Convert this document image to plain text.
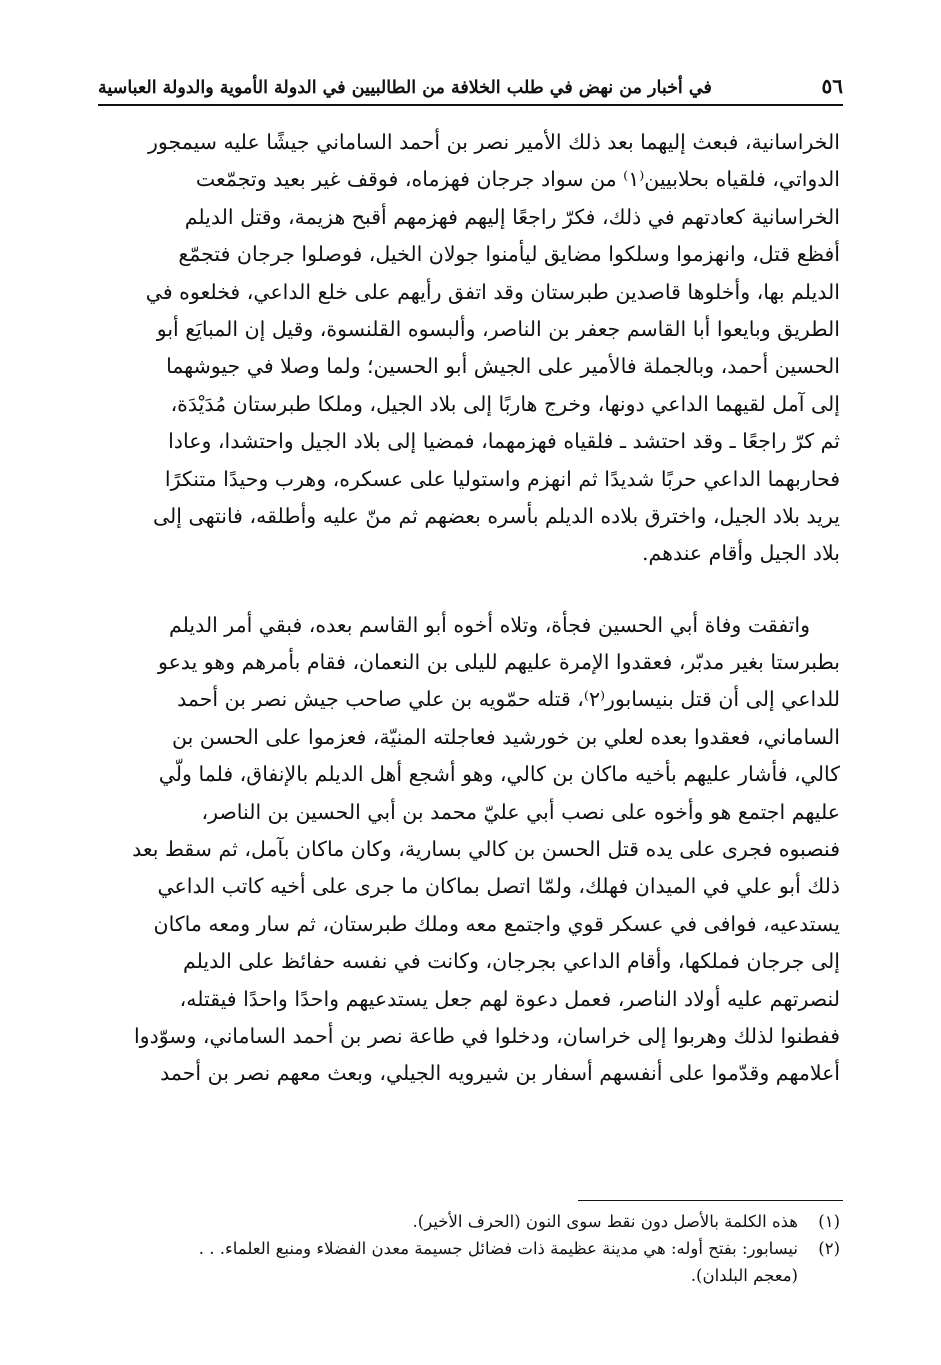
٥٦
في أخبار من نهض في طلب الخلافة من الطالبيين في الدولة الأموية والدولة العباسية
الخراسانية، فبعث إليهما بعد ذلك الأمير نصر بن أحمد الساماني جيشًا عليه سيمجور
الدواتي، فلقياه بحلابيين⁽١⁾ من سواد جرجان فهزماه، فوقف غير بعيد وتجمّعت
الخراسانية كعادتهم في ذلك، فكرّ راجعًا إليهم فهزمهم أقبح هزيمة، وقتل الديلم
أفظع قتل، وانهزموا وسلكوا مضايق ليأمنوا جولان الخيل، فوصلوا جرجان فتجمّع
الديلم بها، وأخلوها قاصدين طبرستان وقد اتفق رأيهم على خلع الداعي، فخلعوه في
الطريق وبايعوا أبا القاسم جعفر بن الناصر، وألبسوه القلنسوة، وقيل إن المبايَع أبو
الحسين أحمد، وبالجملة فالأمير على الجيش أبو الحسين؛ ولما وصلا في جيوشهما
إلى آمل لقيهما الداعي دونها، وخرج هاربًا إلى بلاد الجيل، وملكا طبرستان مُدَيْدَة،
ثم كرّ راجعًا ـ وقد احتشد ـ فلقياه فهزمهما، فمضيا إلى بلاد الجيل واحتشدا، وعادا
فحاربهما الداعي حربًا شديدًا ثم انهزم واستوليا على عسكره، وهرب وحيدًا متنكرًا
يريد بلاد الجيل، واخترق بلاده الديلم بأسره بعضهم ثم منّ عليه وأطلقه، فانتهى إلى
بلاد الجيل وأقام عندهم.
واتفقت وفاة أبي الحسين فجأة، وتلاه أخوه أبو القاسم بعده، فبقي أمر الديلم
بطبرستا بغير مدبّر، فعقدوا الإمرة عليهم لليلى بن النعمان، فقام بأمرهم وهو يدعو
للداعي إلى أن قتل بنيسابور⁽٢⁾، قتله حمّويه بن علي صاحب جيش نصر بن أحمد
الساماني، فعقدوا بعده لعلي بن خورشيد فعاجلته المنيّة، فعزموا على الحسن بن
كالي، فأشار عليهم بأخيه ماكان بن كالي، وهو أشجع أهل الديلم بالإنفاق، فلما ولّي
عليهم اجتمع هو وأخوه على نصب أبي عليّ محمد بن أبي الحسين بن الناصر،
فنصبوه فجرى على يده قتل الحسن بن كالي بسارية، وكان ماكان بآمل، ثم سقط بعد
ذلك أبو علي في الميدان فهلك، ولمّا اتصل بماكان ما جرى على أخيه كاتب الداعي
يستدعيه، فوافى في عسكر قوي واجتمع معه وملك طبرستان، ثم سار ومعه ماكان
إلى جرجان فملكها، وأقام الداعي بجرجان، وكانت في نفسه حفائظ على الديلم
لنصرتهم عليه أولاد الناصر، فعمل دعوة لهم جعل يستدعيهم واحدًا واحدًا فيقتله،
ففطنوا لذلك وهربوا إلى خراسان، ودخلوا في طاعة نصر بن أحمد الساماني، وسوّدوا
أعلامهم وقدّموا على أنفسهم أسفار بن شيرويه الجيلي، وبعث معهم نصر بن أحمد
(١)
هذه الكلمة بالأصل دون نقط سوى النون (الحرف الأخير).
(٢)
نيسابور: بفتح أوله: هي مدينة عظيمة ذات فضائل جسيمة معدن الفضلاء ومنبع العلماء. . .
(معجم البلدان).
